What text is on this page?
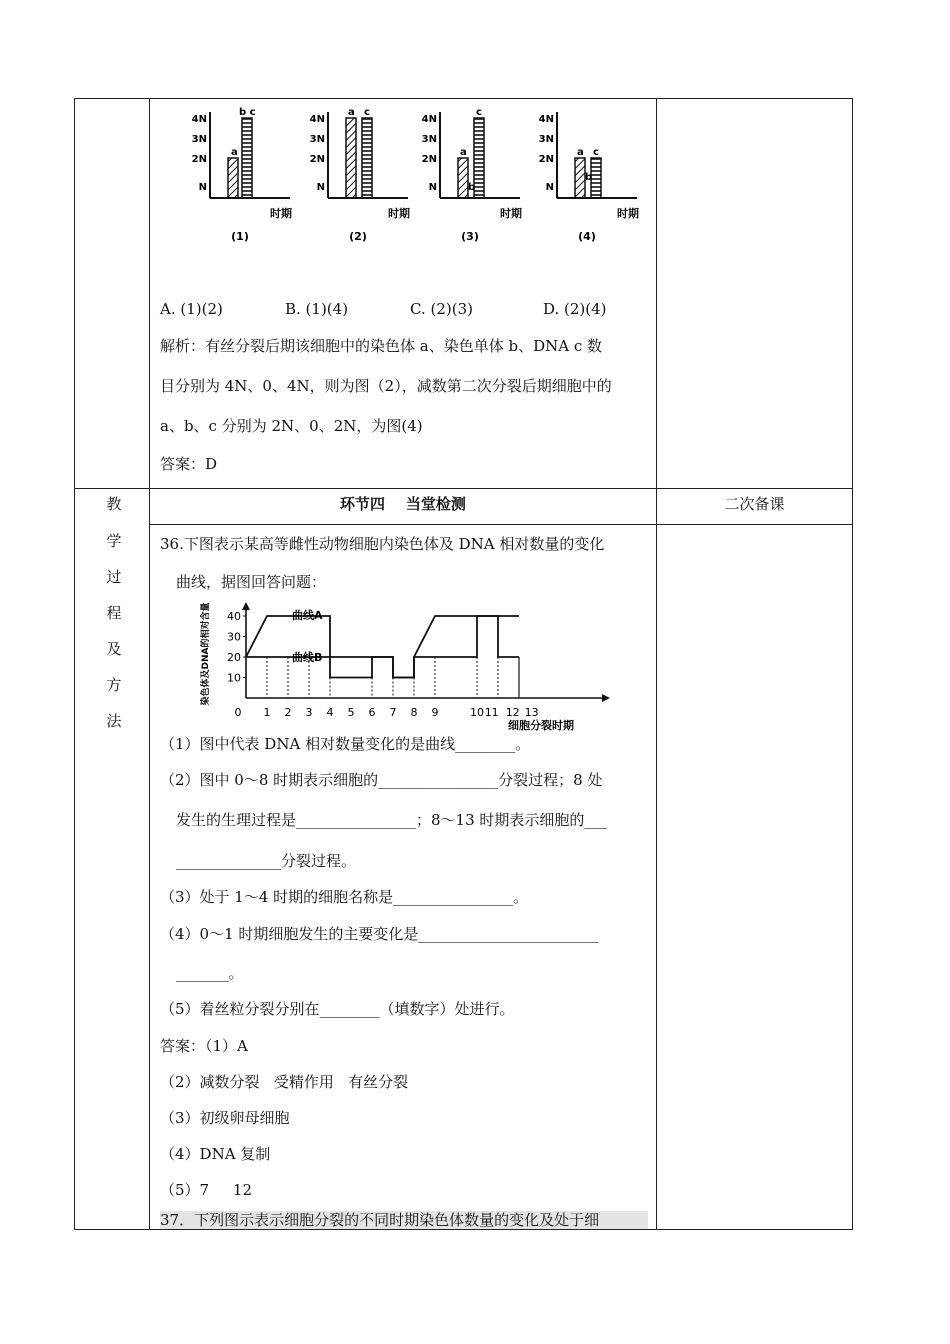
4N
3N
2N
N
时期
(1)
a
b c
4N
3N
2N
N
时期
(2)
a c
4N
3N
2N
N
时期
(3)
a
c
b
4N
3N
2N
N
时期
(4)
a c
b
A. (1)(2)	B. (1)(4)	C. (2)(3)	D. (2)(4)
解析：有丝分裂后期该细胞中的染色体 a、染色单体 b、DNA c 数
目分别为 4N、0、4N，则为图（2），减数第二次分裂后期细胞中的
a、b、c 分别为 2N、0、2N，为图(4)
答案：D
教
学
过
程
及
方
法
环节四    当堂检测	二次备课
36.下图表示某高等雌性动物细胞内染色体及 DNA 相对数量的变化
曲线，据图回答问题：
染色体及DNA的相对含量 10
20
30
40
0 1 2 3 4 5 6 7 8 9	10 11 12 13
细胞分裂时期
曲线A
曲线B
（1）图中代表 DNA 相对数量变化的是曲线________。
（2）图中 0～8 时期表示细胞的________________分裂过程；8 处
发生的生理过程是________________；8～13 时期表示细胞的___
______________分裂过程。
（3）处于 1～4 时期的细胞名称是________________。
（4）0～1 时期细胞发生的主要变化是________________________
_______。
（5）着丝粒分裂分别在________（填数字）处进行。
答案：（1）A
（2）减数分裂   受精作用   有丝分裂
（3）初级卵母细胞
（4）DNA 复制
（5）7     12
37．下列图示表示细胞分裂的不同时期染色体数量的变化及处于细
